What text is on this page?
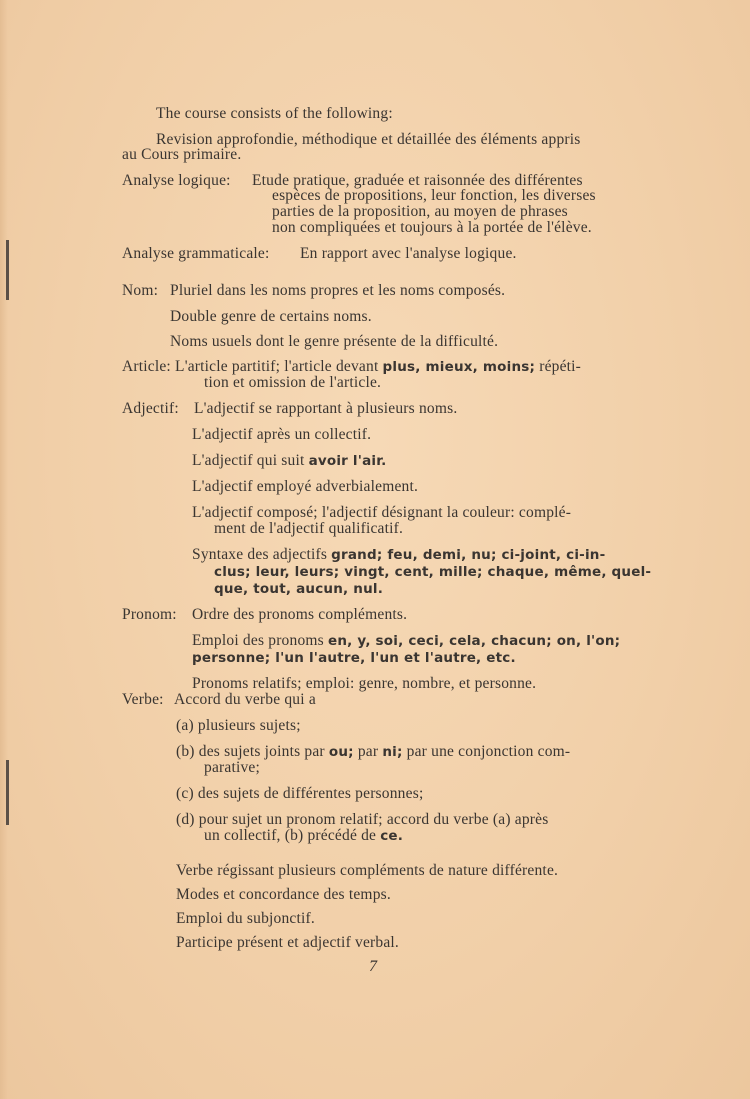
The course consists of the following:
Revision approfondie, méthodique et détaillée des éléments appris
au Cours primaire.
Analyse logique: Etude pratique, graduée et raisonnée des différentes
espèces de propositions, leur fonction, les diverses
parties de la proposition, au moyen de phrases
non compliquées et toujours à la portée de l'élève.
Analyse grammaticale: En rapport avec l'analyse logique.
Nom: Pluriel dans les noms propres et les noms composés.
Double genre de certains noms.
Noms usuels dont le genre présente de la difficulté.
Article: L'article partitif; l'article devant plus, mieux, moins; répéti-
tion et omission de l'article.
Adjectif: L'adjectif se rapportant à plusieurs noms.
L'adjectif après un collectif.
L'adjectif qui suit avoir l'air.
L'adjectif employé adverbialement.
L'adjectif composé; l'adjectif désignant la couleur: complé-
ment de l'adjectif qualificatif.
Syntaxe des adjectifs grand; feu, demi, nu; ci-joint, ci-in-
clus; leur, leurs; vingt, cent, mille; chaque, même, quel-
que, tout, aucun, nul.
Pronom: Ordre des pronoms compléments.
Emploi des pronoms en, y, soi, ceci, cela, chacun; on, l'on;
personne; l'un l'autre, l'un et l'autre, etc.
Pronoms relatifs; emploi: genre, nombre, et personne.
Verbe: Accord du verbe qui a
(a) plusieurs sujets;
(b) des sujets joints par ou; par ni; par une conjonction com-
parative;
(c) des sujets de différentes personnes;
(d) pour sujet un pronom relatif; accord du verbe (a) après
un collectif, (b) précédé de ce.
Verbe régissant plusieurs compléments de nature différente.
Modes et concordance des temps.
Emploi du subjonctif.
Participe présent et adjectif verbal.
7
